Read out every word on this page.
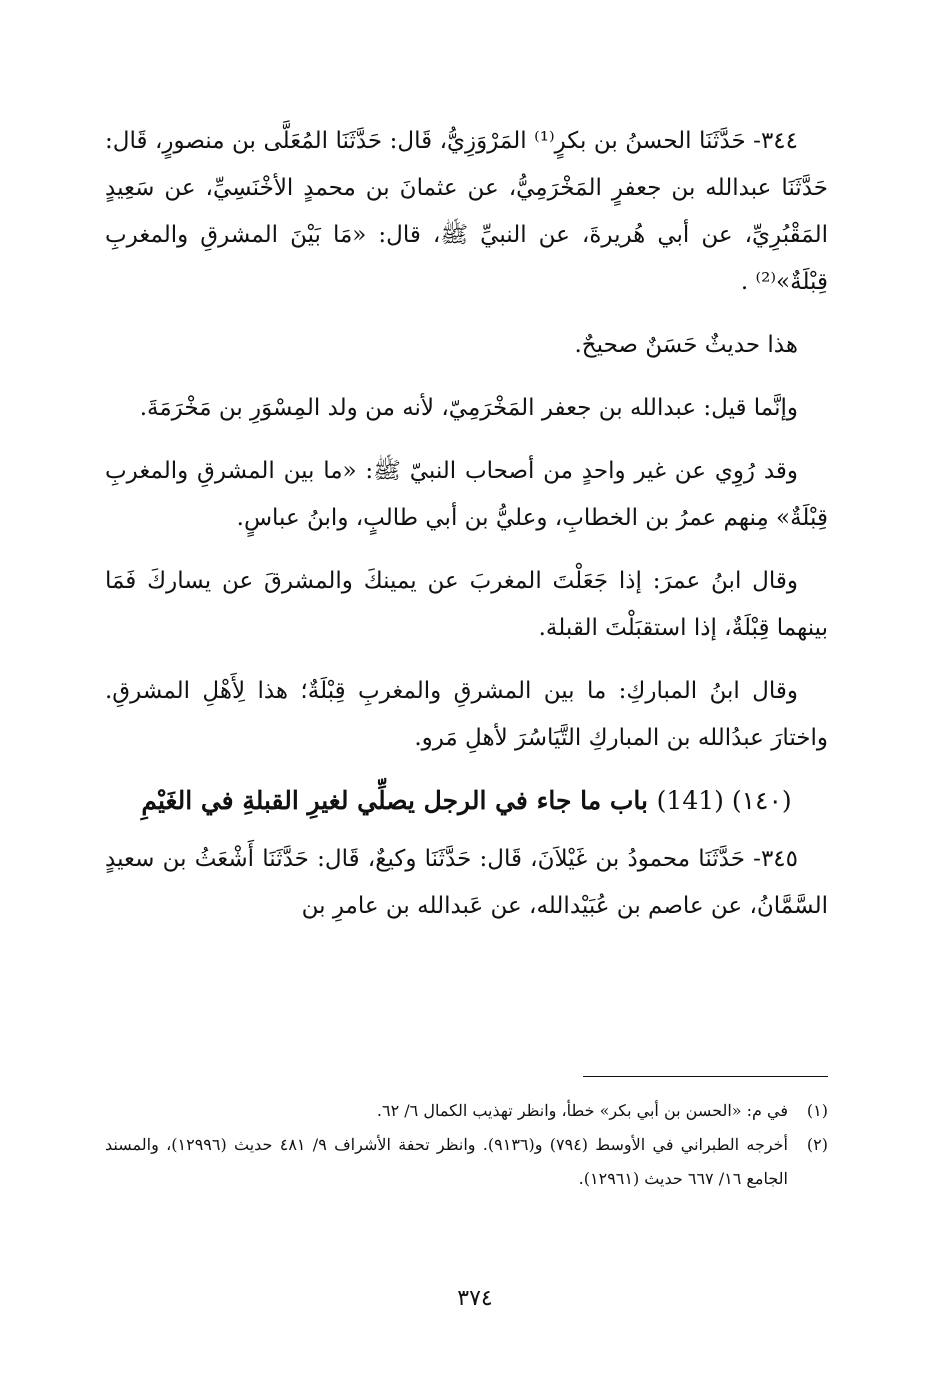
٣٤٤- حَدَّثَنَا الحسنُ بن بكرٍ⁽¹⁾ المَرْوَزِيُّ، قَال: حَدَّثَنَا المُعَلَّى بن منصورٍ، قَال: حَدَّثَنَا عبدالله بن جعفرٍ المَخْرَمِيُّ، عن عثمانَ بن محمدٍ الأخْنَسِيِّ، عن سَعِيدٍ المَقْبُرِيِّ، عن أبي هُريرةَ، عن النبيِّ ﷺ، قال: «مَا بَيْنَ المشرقِ والمغربِ قِبْلَةٌ»⁽²⁾ .

هذا حديثٌ حَسَنٌ صحيحٌ.

وإنَّما قيل: عبدالله بن جعفر المَخْرَمِيّ، لأنه من ولد المِسْوَرِ بن مَخْرَمَةَ.

وقد رُوِي عن غير واحدٍ من أصحاب النبيّ ﷺ: «ما بين المشرقِ والمغربِ قِبْلَةٌ» مِنهم عمرُ بن الخطابِ، وعليُّ بن أبي طالبٍ، وابنُ عباسٍ.

وقال ابنُ عمرَ: إذا جَعَلْتَ المغربَ عن يمينكَ والمشرقَ عن يساركَ فَمَا بينهما قِبْلَةٌ، إذا استقبَلْتَ القبلة.

وقال ابنُ المباركِ: ما بين المشرقِ والمغربِ قِبْلَةٌ؛ هذا لِأَهْلِ المشرقِ. واختارَ عبدُالله بن المباركِ التَّيَاسُرَ لأهلِ مَرو.

(١٤٠) (141) باب ما جاء في الرجل يصلِّي لغيرِ القبلةِ في الغَيْمِ

٣٤٥- حَدَّثَنَا محمودُ بن غَيْلاَنَ، قَال: حَدَّثَنَا وكيعٌ، قَال: حَدَّثَنَا أَشْعَثُ بن سعيدٍ السَّمَّانُ، عن عاصم بن عُبَيْدالله، عن عَبدالله بن عامرِ بن

(١)في م: «الحسن بن أبي بكر» خطأ، وانظر تهذيب الكمال ٦/ ٦٢.

(٢)أخرجه الطبراني في الأوسط (٧٩٤) و(٩١٣٦). وانظر تحفة الأشراف ٩/ ٤٨١ حديث (١٢٩٩٦)، والمسند الجامع ١٦/ ٦٦٧ حديث (١٢٩٦١).

٣٧٤
